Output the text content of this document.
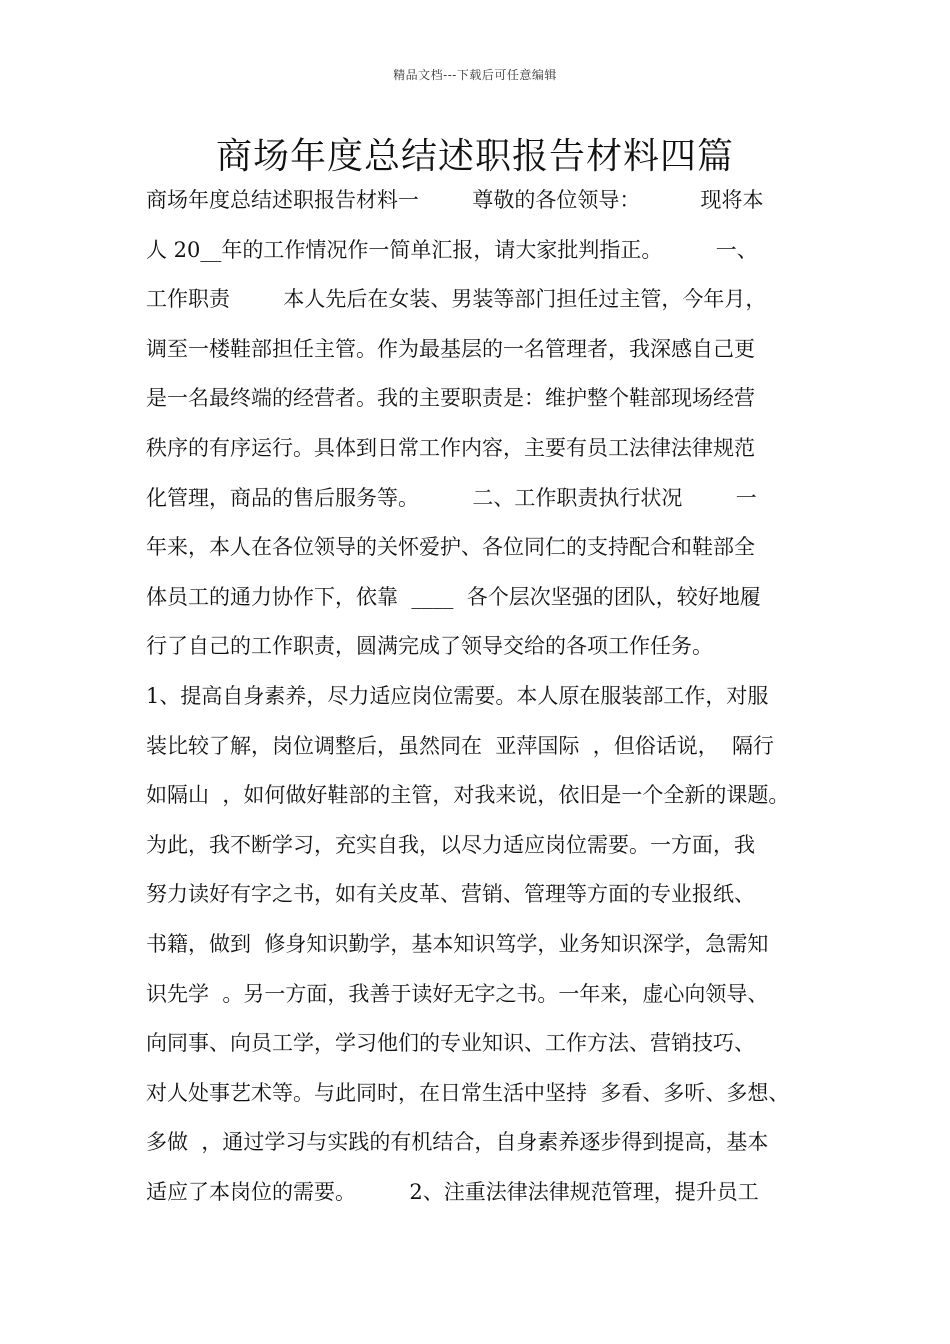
精品文档---下载后可任意编辑
商场年度总结述职报告材料四篇
商场年度总结述职报告材料一        尊敬的各位领导：         现将本
人 20__年的工作情况作一简单汇报，请大家批判指正。        一、
工作职责        本人先后在女装、男装等部门担任过主管，今年月，
调至一楼鞋部担任主管。作为最基层的一名管理者，我深感自己更
是一名最终端的经营者。我的主要职责是：维护整个鞋部现场经营
秩序的有序运行。具体到日常工作内容，主要有员工法律法律规范
化管理，商品的售后服务等。        二、工作职责执行状况        一
年来，本人在各位领导的关怀爱护、各位同仁的支持配合和鞋部全
体员工的通力协作下，依靠  ____  各个层次坚强的团队，较好地履
行了自己的工作职责，圆满完成了领导交给的各项工作任务。
1、提高自身素养，尽力适应岗位需要。本人原在服装部工作，对服
装比较了解，岗位调整后，虽然同在  亚萍国际  ，但俗话说，  隔行
如隔山  ，如何做好鞋部的主管，对我来说，依旧是一个全新的课题。
为此，我不断学习，充实自我，以尽力适应岗位需要。一方面，我
努力读好有字之书，如有关皮革、营销、管理等方面的专业报纸、
书籍，做到  修身知识勤学，基本知识笃学，业务知识深学，急需知
识先学  。另一方面，我善于读好无字之书。一年来，虚心向领导、
向同事、向员工学，学习他们的专业知识、工作方法、营销技巧、
对人处事艺术等。与此同时，在日常生活中坚持  多看、多听、多想、
多做  ，通过学习与实践的有机结合，自身素养逐步得到提高，基本
适应了本岗位的需要。        2、注重法律法律规范管理，提升员工
